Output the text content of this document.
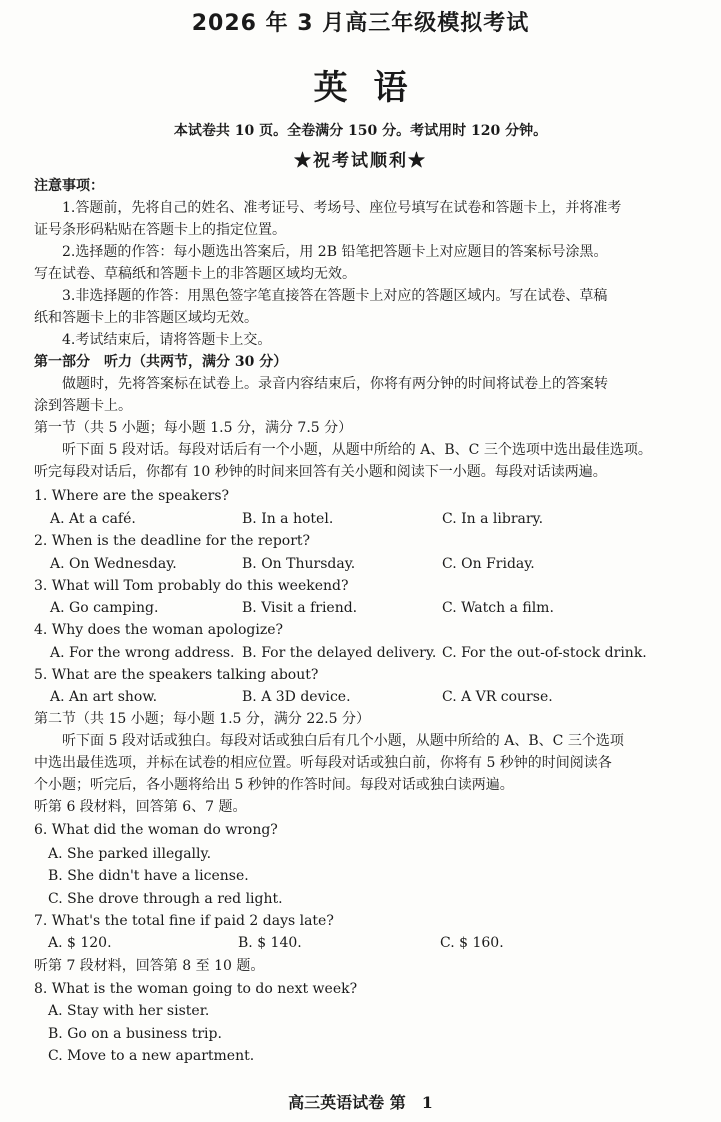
2026 年 3 月高三年级模拟考试
英语
本试卷共 10 页。全卷满分 150 分。考试用时 120 分钟。
★祝考试顺利★
注意事项：
1.答题前，先将自己的姓名、准考证号、考场号、座位号填写在试卷和答题卡上，并将准考
证号条形码粘贴在答题卡上的指定位置。
2.选择题的作答：每小题选出答案后，用 2B 铅笔把答题卡上对应题目的答案标号涂黑。
写在试卷、草稿纸和答题卡上的非答题区域均无效。
3.非选择题的作答：用黑色签字笔直接答在答题卡上对应的答题区域内。写在试卷、草稿
纸和答题卡上的非答题区域均无效。
4.考试结束后，请将答题卡上交。
第一部分　听力（共两节，满分 30 分）
做题时，先将答案标在试卷上。录音内容结束后，你将有两分钟的时间将试卷上的答案转
涂到答题卡上。
第一节（共 5 小题；每小题 1.5 分，满分 7.5 分）
听下面 5 段对话。每段对话后有一个小题，从题中所给的 A、B、C 三个选项中选出最佳选项。
听完每段对话后，你都有 10 秒钟的时间来回答有关小题和阅读下一小题。每段对话读两遍。
1. Where are the speakers?
A. At a café.	B. In a hotel.	C. In a library.
2. When is the deadline for the report?
A. On Wednesday.	B. On Thursday.	C. On Friday.
3. What will Tom probably do this weekend?
A. Go camping.	B. Visit a friend.	C. Watch a film.
4. Why does the woman apologize?
A. For the wrong address. B. For the delayed delivery. C. For the out-of-stock drink.
5. What are the speakers talking about?
A. An art show.	B. A 3D device.	C. A VR course.
第二节（共 15 小题；每小题 1.5 分，满分 22.5 分）
听下面 5 段对话或独白。每段对话或独白后有几个小题，从题中所给的 A、B、C 三个选项
中选出最佳选项，并标在试卷的相应位置。听每段对话或独白前，你将有 5 秒钟的时间阅读各
个小题；听完后，各小题将给出 5 秒钟的作答时间。每段对话或独白读两遍。
听第 6 段材料，回答第 6、7 题。
6. What did the woman do wrong?
A. She parked illegally.
B. She didn't have a license.
C. She drove through a red light.
7. What's the total fine if paid 2 days late?
A. $ 120.	B. $ 140.	C. $ 160.
听第 7 段材料，回答第 8 至 10 题。
8. What is the woman going to do next week?
A. Stay with her sister.
B. Go on a business trip.
C. Move to a new apartment.
高三英语试卷 第　1
